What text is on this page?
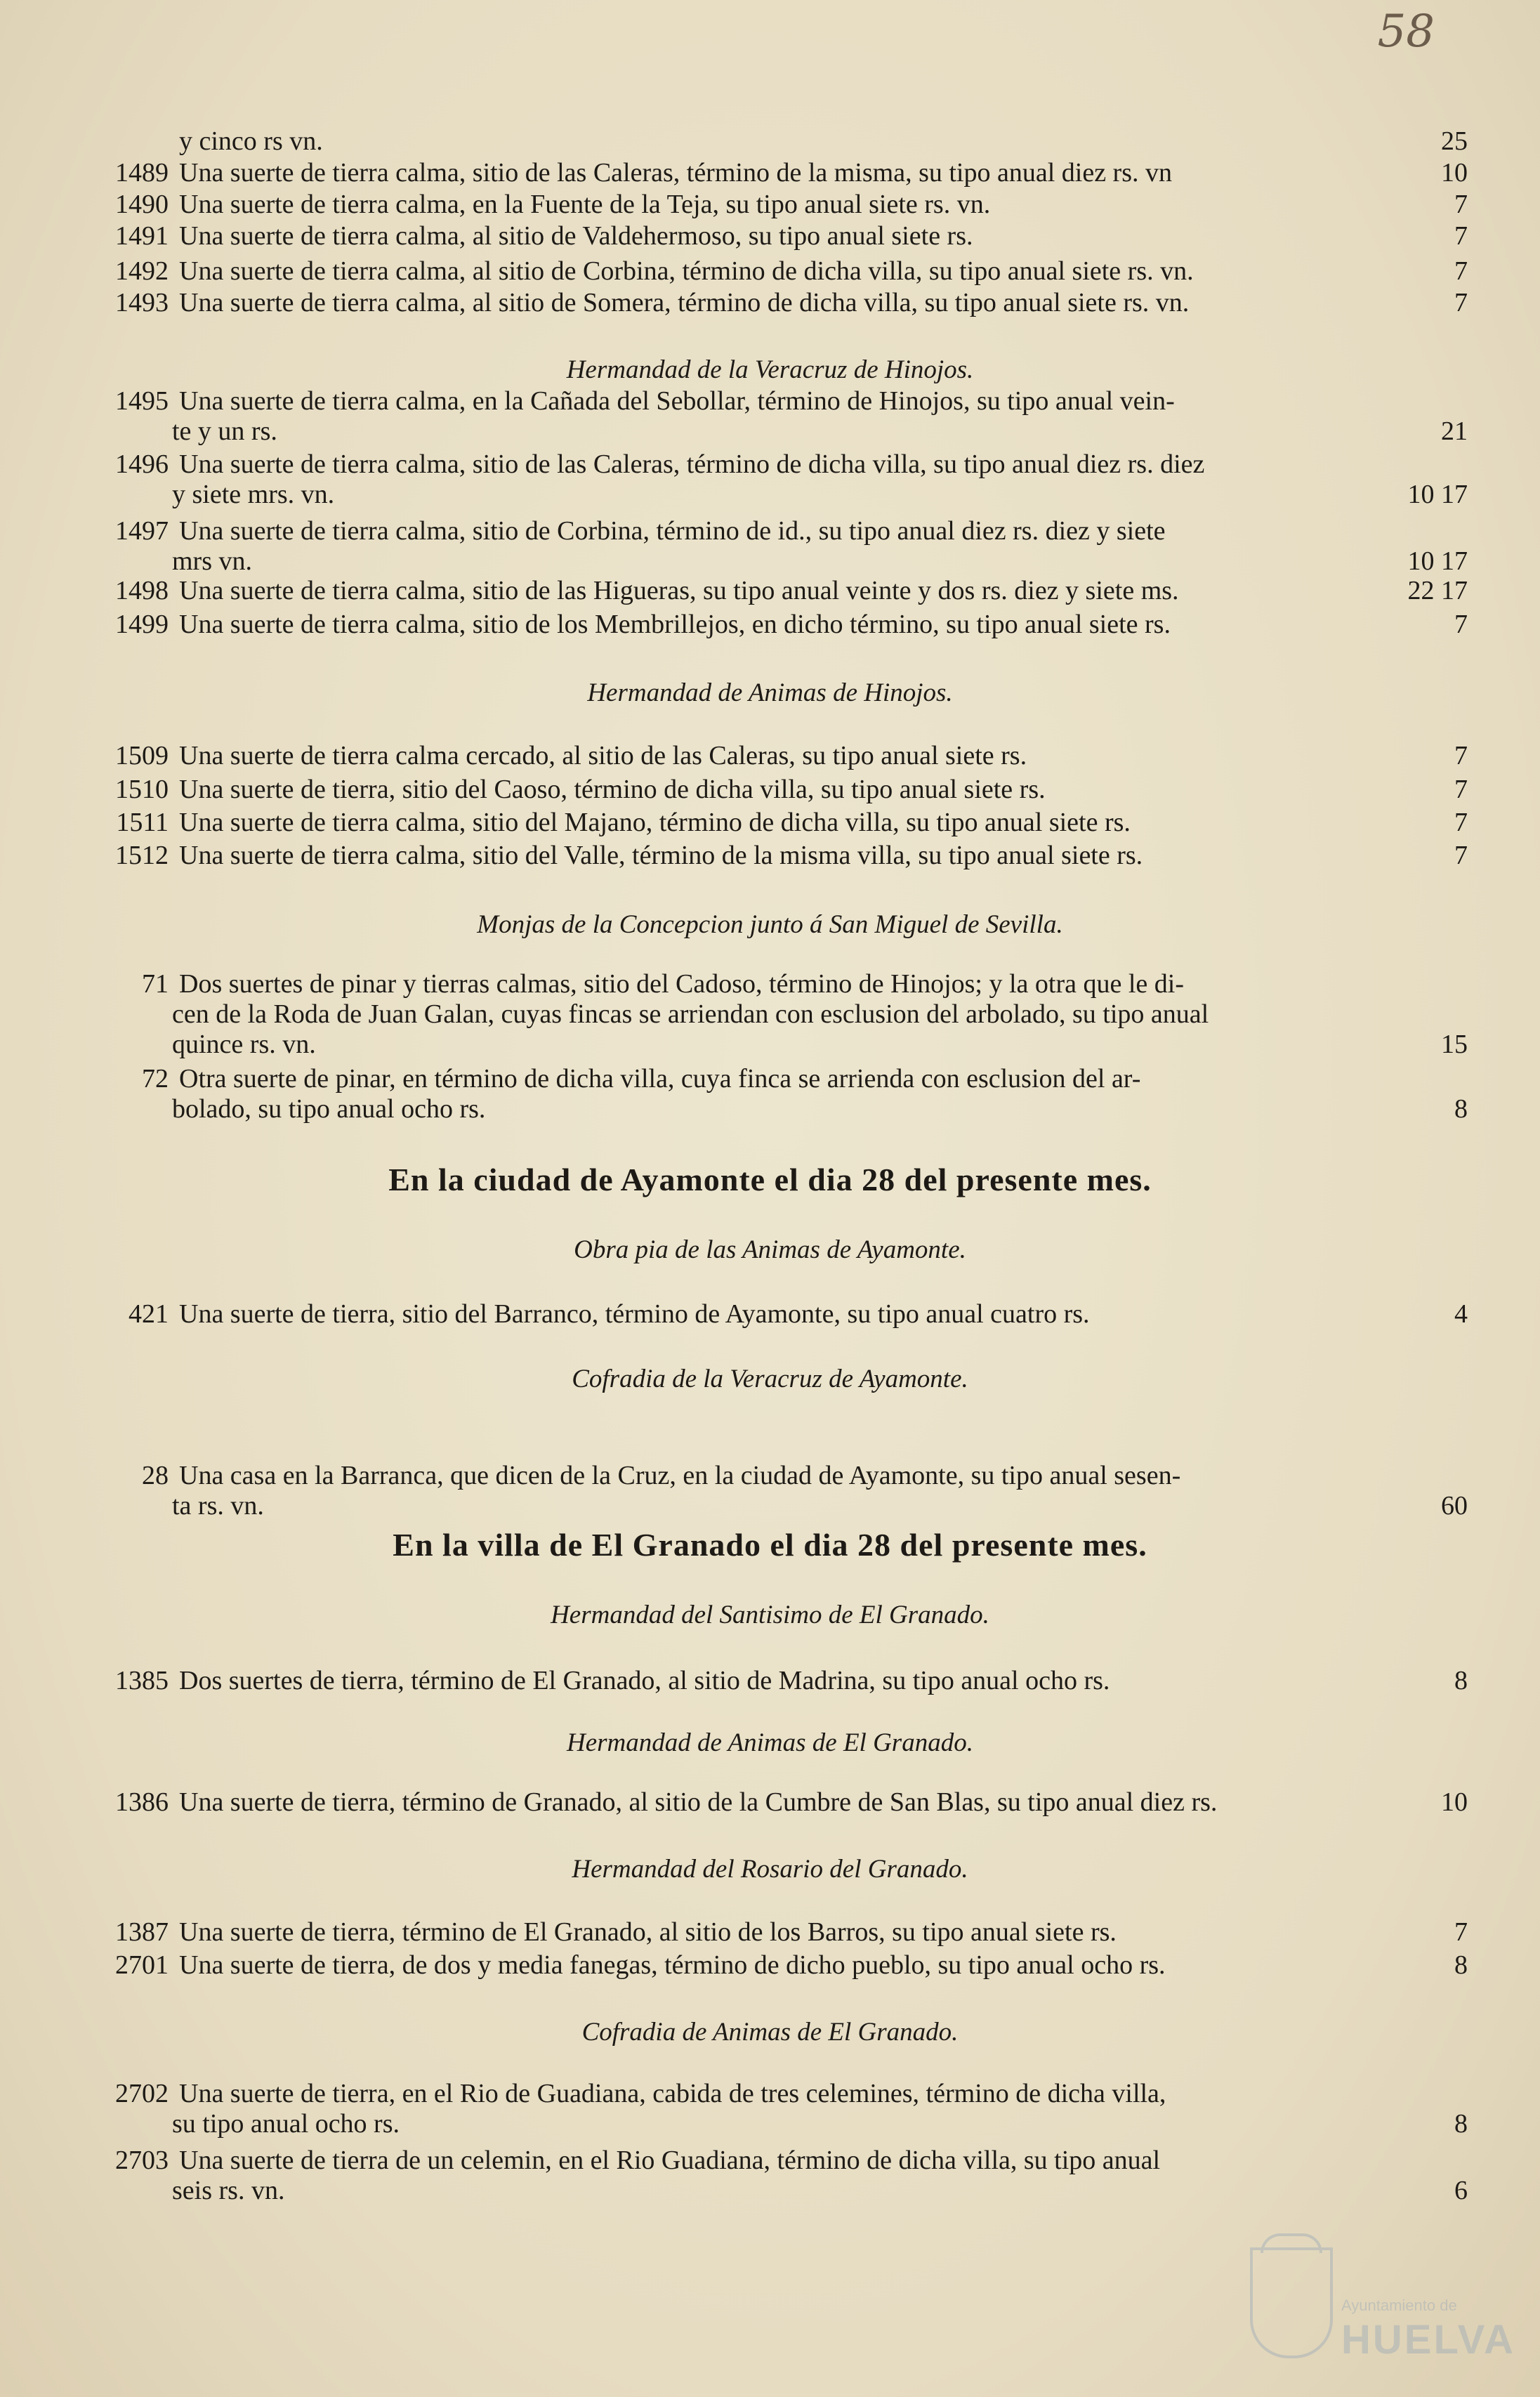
58
y cinco rs vn.	25
1489 Una suerte de tierra calma, sitio de las Caleras, término de la misma, su tipo anual diez rs. vn	10
1490 Una suerte de tierra calma, en la Fuente de la Teja, su tipo anual siete rs. vn.	7
1491 Una suerte de tierra calma, al sitio de Valdehermoso, su tipo anual siete rs.	7
1492 Una suerte de tierra calma, al sitio de Corbina, término de dicha villa, su tipo anual siete rs. vn.	7
1493 Una suerte de tierra calma, al sitio de Somera, término de dicha villa, su tipo anual siete rs. vn.	7
Hermandad de la Veracruz de Hinojos.
1495 Una suerte de tierra calma, en la Cañada del Sebollar, término de Hinojos, su tipo anual vein-
te y un rs.	21
1496 Una suerte de tierra calma, sitio de las Caleras, término de dicha villa, su tipo anual diez rs. diez
y siete mrs. vn.	10 17
1497 Una suerte de tierra calma, sitio de Corbina, término de id., su tipo anual diez rs. diez y siete
mrs vn.	10 17
1498 Una suerte de tierra calma, sitio de las Higueras, su tipo anual veinte y dos rs. diez y siete ms.	22 17
1499 Una suerte de tierra calma, sitio de los Membrillejos, en dicho término, su tipo anual siete rs.	7
Hermandad de Animas de Hinojos.
1509 Una suerte de tierra calma cercado, al sitio de las Caleras, su tipo anual siete rs.	7
1510 Una suerte de tierra, sitio del Caoso, término de dicha villa, su tipo anual siete rs.	7
1511 Una suerte de tierra calma, sitio del Majano, término de dicha villa, su tipo anual siete rs.	7
1512 Una suerte de tierra calma, sitio del Valle, término de la misma villa, su tipo anual siete rs.	7
Monjas de la Concepcion junto á San Miguel de Sevilla.
71 Dos suertes de pinar y tierras calmas, sitio del Cadoso, término de Hinojos; y la otra que le di-
cen de la Roda de Juan Galan, cuyas fincas se arriendan con esclusion del arbolado, su tipo anual
quince rs. vn.	15
72 Otra suerte de pinar, en término de dicha villa, cuya finca se arrienda con esclusion del ar-
bolado, su tipo anual ocho rs.	8
En la ciudad de Ayamonte el dia 28 del presente mes.
Obra pia de las Animas de Ayamonte.
421 Una suerte de tierra, sitio del Barranco, término de Ayamonte, su tipo anual cuatro rs.	4
Cofradia de la Veracruz de Ayamonte.
28 Una casa en la Barranca, que dicen de la Cruz, en la ciudad de Ayamonte, su tipo anual sesen-
ta rs. vn.	60
En la villa de El Granado el dia 28 del presente mes.
Hermandad del Santisimo de El Granado.
1385 Dos suertes de tierra, término de El Granado, al sitio de Madrina, su tipo anual ocho rs.	8
Hermandad de Animas de El Granado.
1386 Una suerte de tierra, término de Granado, al sitio de la Cumbre de San Blas, su tipo anual diez rs.	10
Hermandad del Rosario del Granado.
1387 Una suerte de tierra, término de El Granado, al sitio de los Barros, su tipo anual siete rs.	7
2701 Una suerte de tierra, de dos y media fanegas, término de dicho pueblo, su tipo anual ocho rs.	8
Cofradia de Animas de El Granado.
2702 Una suerte de tierra, en el Rio de Guadiana, cabida de tres celemines, término de dicha villa,
su tipo anual ocho rs.	8
2703 Una suerte de tierra de un celemin, en el Rio Guadiana, término de dicha villa, su tipo anual
seis rs. vn.	6
Ayuntamiento de
HUELVA
